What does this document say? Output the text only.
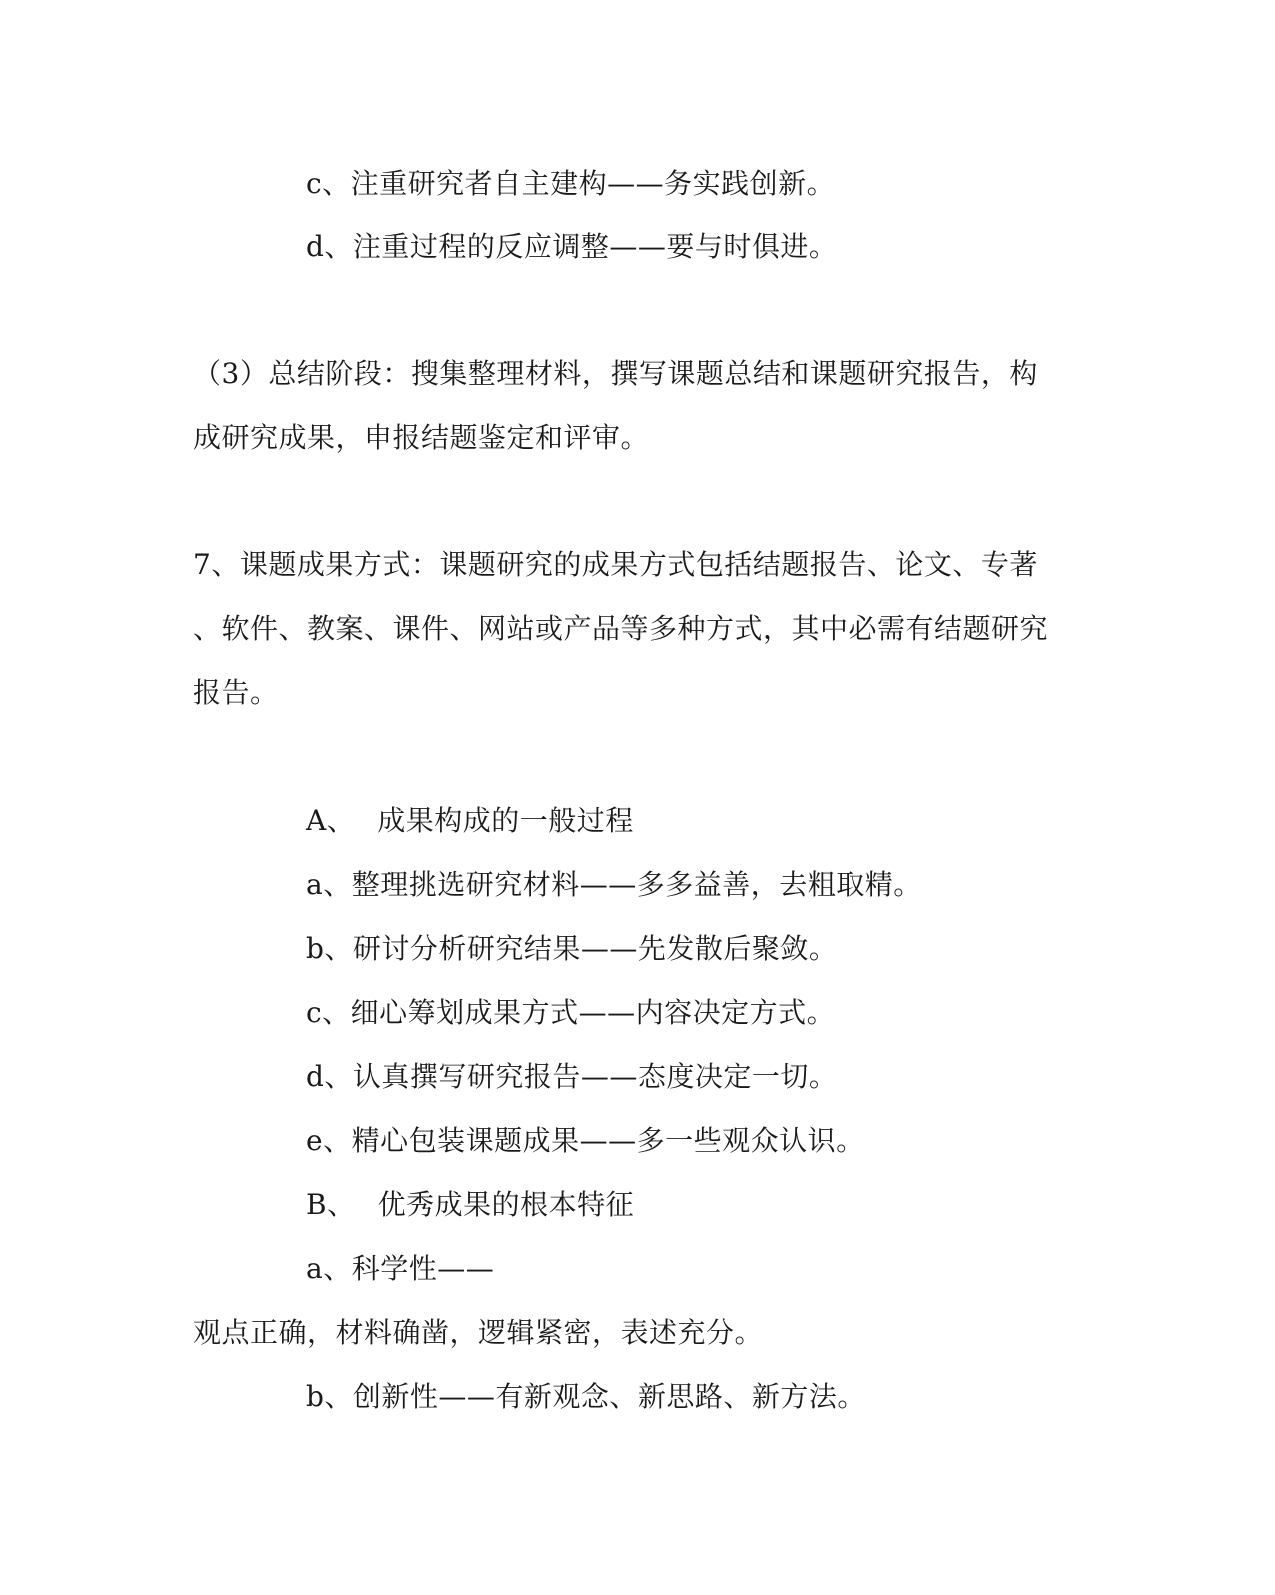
c、注重研究者自主建构——务实践创新。
d、注重过程的反应调整——要与时俱进。
（3）总结阶段：搜集整理材料，撰写课题总结和课题研究报告，构
成研究成果，申报结题鉴定和评审。
7、课题成果方式：课题研究的成果方式包括结题报告、论文、专著
、软件、教案、课件、网站或产品等多种方式，其中必需有结题研究
报告。
A、 成果构成的一般过程
a、整理挑选研究材料——多多益善，去粗取精。
b、研讨分析研究结果——先发散后聚敛。
c、细心筹划成果方式——内容决定方式。
d、认真撰写研究报告——态度决定一切。
e、精心包装课题成果——多一些观众认识。
B、 优秀成果的根本特征
a、科学性——
观点正确，材料确凿，逻辑紧密，表述充分。
b、创新性——有新观念、新思路、新方法。
